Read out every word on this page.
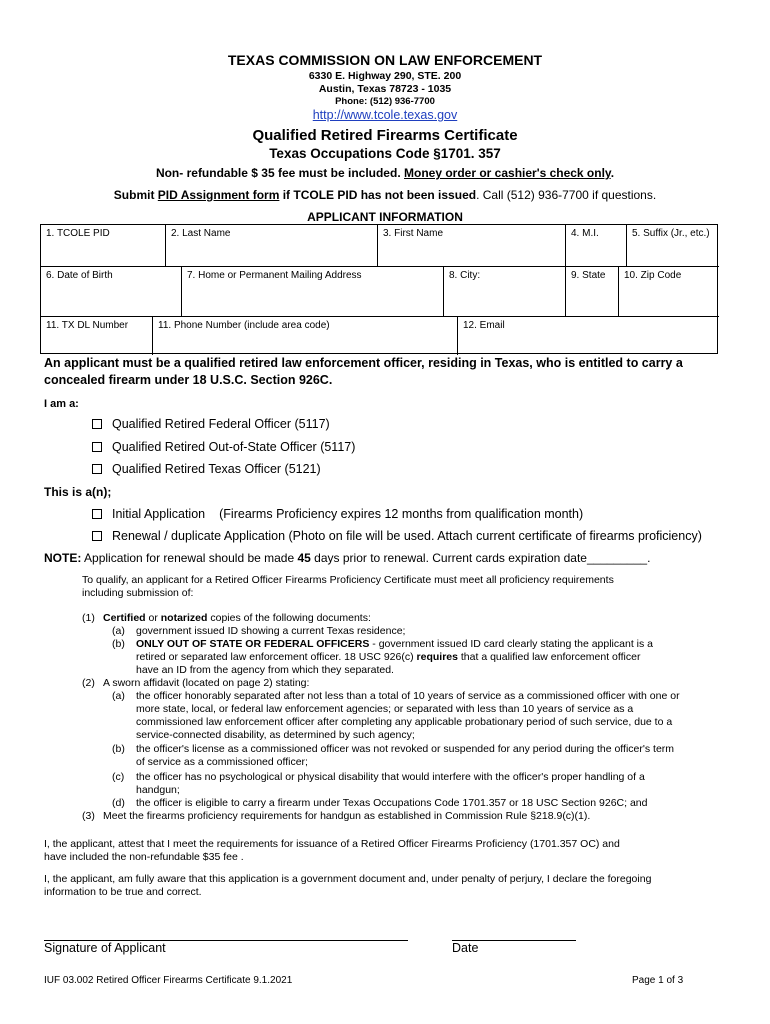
TEXAS COMMISSION ON LAW ENFORCEMENT
6330 E. Highway 290, STE. 200
Austin, Texas 78723 - 1035
Phone: (512) 936-7700
http://www.tcole.texas.gov
Qualified Retired Firearms Certificate
Texas Occupations Code §1701. 357
Non- refundable $ 35 fee must be included. Money order or cashier's check only.
Submit PID Assignment form if TCOLE PID has not been issued. Call (512) 936-7700 if questions.
APPLICANT INFORMATION
1. TCOLE PID	2. Last Name	3. First Name	4. M.I.	5. Suffix (Jr., etc.)
6. Date of Birth	7. Home or Permanent Mailing Address	8. City:	9. State	10. Zip Code
11. TX DL Number	11. Phone Number (include area code)	12. Email
An applicant must be a qualified retired law enforcement officer, residing in Texas, who is entitled to carry a
concealed firearm under 18 U.S.C. Section 926C.
I am a:
Qualified Retired Federal Officer (5117)
Qualified Retired Out-of-State Officer (5117)
Qualified Retired Texas Officer (5121)
This is a(n);
Initial Application (Firearms Proficiency expires 12 months from qualification month)
Renewal / duplicate Application (Photo on file will be used. Attach current certificate of firearms proficiency)
NOTE: Application for renewal should be made 45 days prior to renewal. Current cards expiration date_________.
To qualify, an applicant for a Retired Officer Firearms Proficiency Certificate must meet all proficiency requirements
including submission of:
(1) Certified or notarized copies of the following documents:
(a) government issued ID showing a current Texas residence;
(b) ONLY OUT OF STATE OR FEDERAL OFFICERS - government issued ID card clearly stating the applicant is a
retired or separated law enforcement officer. 18 USC 926(c) requires that a qualified law enforcement officer
have an ID from the agency from which they separated.
(2) A sworn affidavit (located on page 2) stating:
(a) the officer honorably separated after not less than a total of 10 years of service as a commissioned officer with one or
more state, local, or federal law enforcement agencies; or separated with less than 10 years of service as a
commissioned law enforcement officer after completing any applicable probationary period of such service, due to a
service-connected disability, as determined by such agency;
(b) the officer's license as a commissioned officer was not revoked or suspended for any period during the officer's term
of service as a commissioned officer;
(c) the officer has no psychological or physical disability that would interfere with the officer's proper handling of a
handgun;
(d) the officer is eligible to carry a firearm under Texas Occupations Code 1701.357 or 18 USC Section 926C; and
(3) Meet the firearms proficiency requirements for handgun as established in Commission Rule §218.9(c)(1).
I, the applicant, attest that I meet the requirements for issuance of a Retired Officer Firearms Proficiency (1701.357 OC) and
have included the non-refundable $35 fee .
I, the applicant, am fully aware that this application is a government document and, under penalty of perjury, I declare the foregoing
information to be true and correct.
Signature of Applicant	Date
IUF 03.002 Retired Officer Firearms Certificate 9.1.2021	Page 1 of 3
